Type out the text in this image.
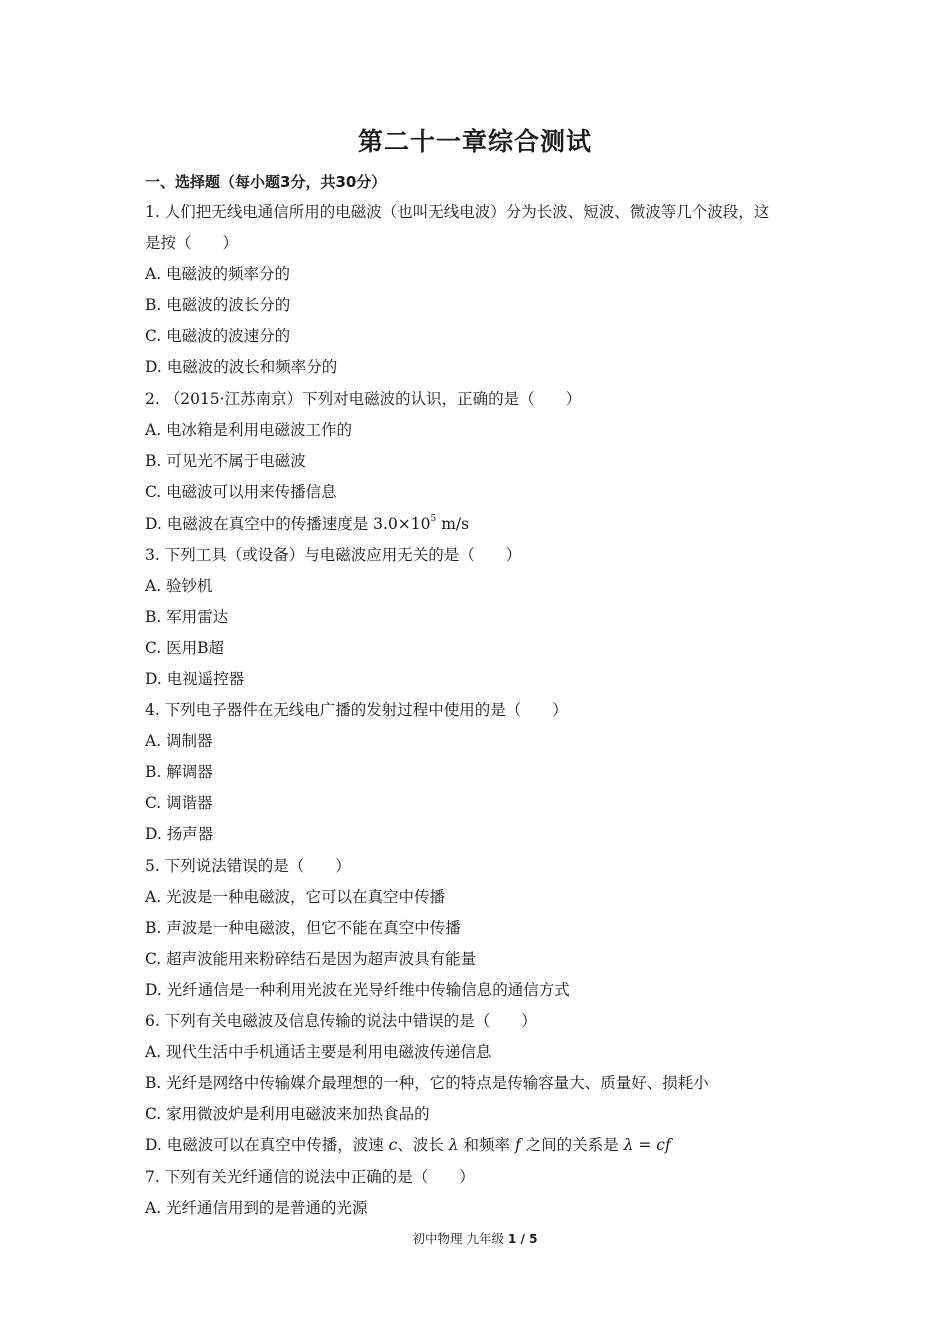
第二十一章综合测试
一、选择题（每小题3分，共30分）
1. 人们把无线电通信所用的电磁波（也叫无线电波）分为长波、短波、微波等几个波段，这
是按（　　）
A. 电磁波的频率分的
B. 电磁波的波长分的
C. 电磁波的波速分的
D. 电磁波的波长和频率分的
2. （2015·江苏南京）下列对电磁波的认识，正确的是（　　）
A. 电冰箱是利用电磁波工作的
B. 可见光不属于电磁波
C. 电磁波可以用来传播信息
D. 电磁波在真空中的传播速度是 $3.0\times 10^5$ m/s
3. 下列工具（或设备）与电磁波应用无关的是（　　）
A. 验钞机
B. 军用雷达
C. 医用B超
D. 电视遥控器
4. 下列电子器件在无线电广播的发射过程中使用的是（　　）
A. 调制器
B. 解调器
C. 调谐器
D. 扬声器
5. 下列说法错误的是（　　）
A. 光波是一种电磁波，它可以在真空中传播
B. 声波是一种电磁波，但它不能在真空中传播
C. 超声波能用来粉碎结石是因为超声波具有能量
D. 光纤通信是一种利用光波在光导纤维中传输信息的通信方式
6. 下列有关电磁波及信息传输的说法中错误的是（　　）
A. 现代生活中手机通话主要是利用电磁波传递信息
B. 光纤是网络中传输媒介最理想的一种，它的特点是传输容量大、质量好、损耗小
C. 家用微波炉是利用电磁波来加热食品的
D. 电磁波可以在真空中传播，波速 c、波长 λ 和频率 f 之间的关系是 λ = cf
7. 下列有关光纤通信的说法中正确的是（　　）
A. 光纤通信用到的是普通的光源
初中物理 九年级 1 / 5
